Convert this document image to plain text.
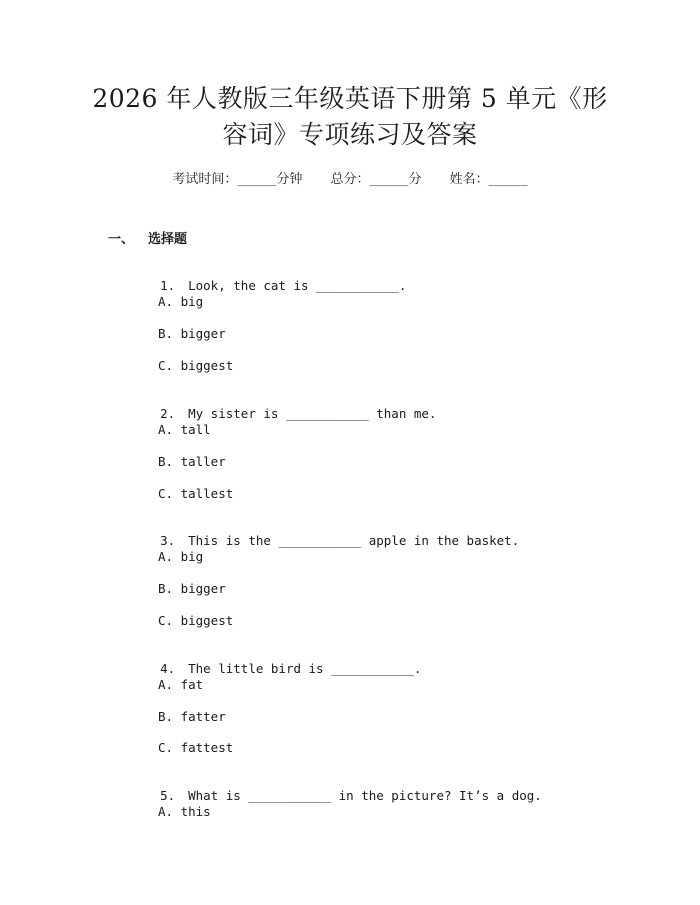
2026 年人教版三年级英语下册第 5 单元《形
容词》专项练习及答案
考试时间：______分钟 总分：______分 姓名：______
一、 选择题

1. Look, the cat is ___________.

A. big
B. bigger
C. biggest

2. My sister is ___________ than me.

A. tall
B. taller
C. tallest

3. This is the ___________ apple in the basket.

A. big
B. bigger
C. biggest

4. The little bird is ___________.

A. fat
B. fatter
C. fattest

5. What is ___________ in the picture? It’s a dog.

A. this
